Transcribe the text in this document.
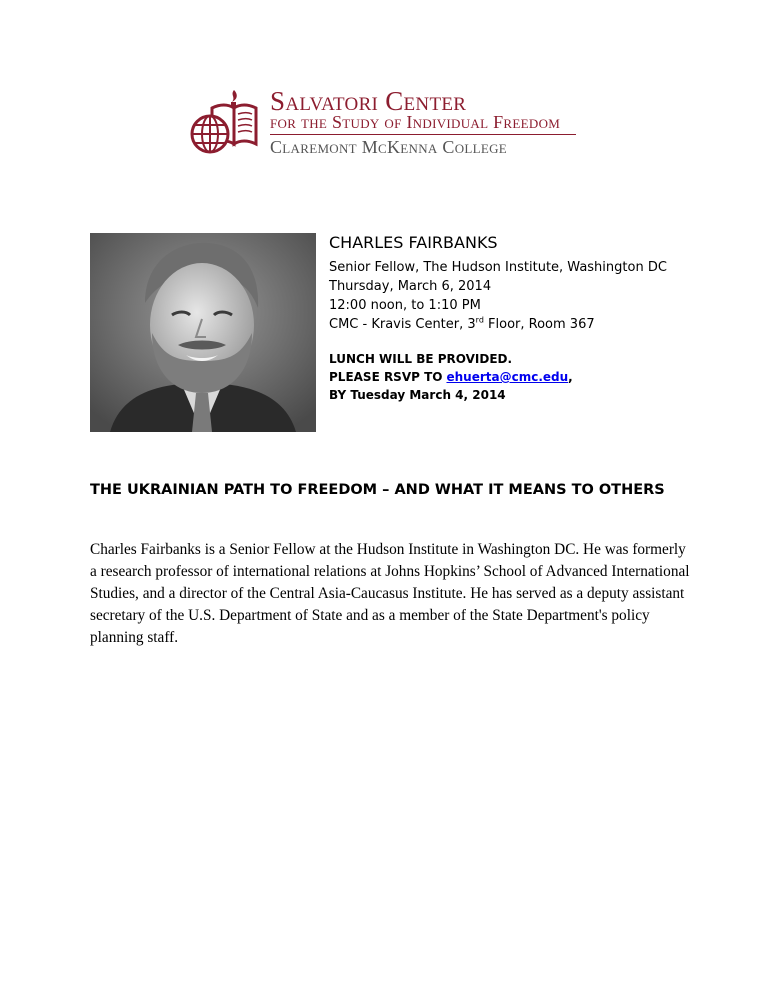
Salvatori Center
for the Study of Individual Freedom
Claremont McKenna College
CHARLES FAIRBANKS
Senior Fellow, The Hudson Institute, Washington DC
Thursday, March 6, 2014
12:00 noon, to 1:10 PM
CMC - Kravis Center, 3rd Floor, Room 367
LUNCH WILL BE PROVIDED.
PLEASE RSVP TO ehuerta@cmc.edu,
BY Tuesday March 4, 2014
THE UKRAINIAN PATH TO FREEDOM – AND WHAT IT MEANS TO OTHERS

Charles Fairbanks is a Senior Fellow at the Hudson Institute in Washington DC. He was formerly a research professor of international relations at Johns Hopkins’ School of Advanced International Studies, and a director of the Central Asia-Caucasus Institute. He has served as a deputy assistant secretary of the U.S. Department of State and as a member of the State Department's policy planning staff.
